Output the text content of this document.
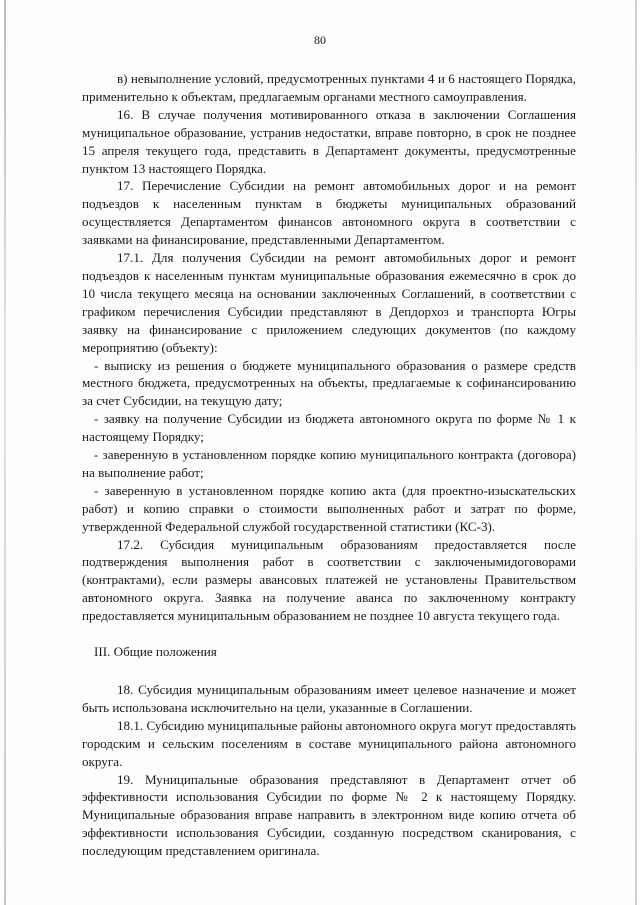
80

в) невыполнение условий, предусмотренных пунктами 4 и 6 настоящего Порядка, применительно к объектам, предлагаемым органами местного самоуправления.

16. В случае получения мотивированного отказа в заключении Соглашения муниципальное образование, устранив недостатки, вправе повторно, в срок не позднее 15 апреля текущего года, представить в Департамент документы, предусмотренные пунктом 13 настоящего Порядка.

17. Перечисление Субсидии на ремонт автомобильных дорог и на ремонт подъездов к населенным пунктам в бюджеты муниципальных образований осуществляется Департаментом финансов автономного округа в соответствии с заявками на финансирование, представленными Департаментом.

17.1. Для получения Субсидии на ремонт автомобильных дорог и ремонт подъездов к населенным пунктам муниципальные образования ежемесячно в срок до 10 числа текущего месяца на основании заключенных Соглашений, в соответствии с графиком перечисления Субсидии представляют в Депдорхоз и транспорта Югры заявку на финансирование с приложением следующих документов (по каждому мероприятию (объекту):

- выписку из решения о бюджете муниципального образования о размере средств местного бюджета, предусмотренных на объекты, предлагаемые к софинансированию за счет Субсидии, на текущую дату;

- заявку на получение Субсидии из бюджета автономного округа по форме № 1 к настоящему Порядку;

- заверенную в установленном порядке копию муниципального контракта (договора) на выполнение работ;

- заверенную в установленном порядке копию акта (для проектно-изыскательских работ) и копию справки о стоимости выполненных работ и затрат по форме, утвержденной Федеральной службой государственной статистики (КС-3).

17.2. Субсидия муниципальным образованиям предоставляется после подтверждения выполнения работ в соответствии с заключенымидоговорами (контрактами), если размеры авансовых платежей не установлены Правительством автономного округа. Заявка на получение аванса по заключенному контракту предоставляется муниципальным образованием не позднее 10 августа текущего года.

III. Общие положения

18. Субсидия муниципальным образованиям имеет целевое назначение и может быть использована исключительно на цели, указанные в Соглашении.

18.1. Субсидию муниципальные районы автономного округа могут предоставлять городским и сельским поселениям в составе муниципального района автономного округа.

19. Муниципальные образования представляют в Департамент отчет об эффективности использования Субсидии по форме № 2 к настоящему Порядку. Муниципальные образования вправе направить в электронном виде копию отчета об эффективности использования Субсидии, созданную посредством сканирования, с последующим представлением оригинала.
